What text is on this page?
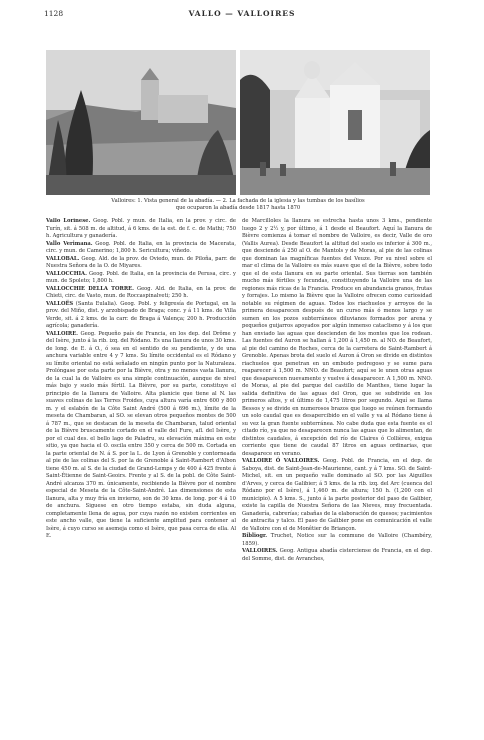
1128	VALLO — VALLOIRES
Valloires: 1. Vista general de la abadía. — 2. La fachada de la iglesia y las tumbas de los basílios
que ocuparon la abadía desde 1817 hasta 1870

Vallo Lorinese. Geog. Pobl. y mun. de Italia, en la prov. y circ. de Turín, sit. á 508 m. de altitud, á 6 kms. de la est. de f. c. de Mathi; 750 h. Agricultura y ganadería.

Vallo Verimana. Geog. Pobl. de Italia, en la provincia de Macerata, circ. y mun. de Camerino; 1,800 h. Sericultura; viñedo.

VALLOBAL. Geog. Ald. de la prov. de Oviedo, mun. de Piloña, parr. de Nuestra Señora de la O. de Miyares.

VALLOCCHIA. Geog. Pobl. de Italia, en la provincia de Perusa, circ. y mun. de Spoleto; 1,800 h.

VALLOCCHIE DELLA TORRE. Geog. Ald. de Italia, en la prov. de Chieti, circ. de Vasto, mun. de Roccaspinalveti; 250 h.

VALLOËS (Santa Eulalia). Geog. Pobl. y feligresía de Portugal, en la prov. del Miño, dist. y arzobispado de Braga; conc. y á 11 kms. de Villa Verde, sit. á 2 kms. de la carr. de Braga á Valença; 200 h. Producción agrícola; ganadería.

VALLOIRE. Geog. Pequeño país de Francia, en los dep. del Drôme y del Isère, junto á la rib. izq. del Ródano. Es una llanura de unos 30 kms. de long. de E. á O., ó sea en el sentido de su pendiente, y de una anchura variable entre 4 y 7 kms. Su límite occidental es el Ródano y su límite oriental no está señalado en ningún punto por la Naturaleza. Prolóngase por esta parte por la Bièvre, otra y no menos vasta llanura, de la cual la de Valloire es una simple continuación, aunque de nivel más bajo y suelo más fértil. La Bièvre, por su parte, constituye el principio de la llanura de Valloire. Alta planicie que tiene al N. las suaves colinas de las Terres Froides, cuya altura varía entre 600 y 800 m. y el eslabón de la Côte Saint André (500 á 696 m.), límite de la meseta de Chambaran, al SO. se elevan otros pequeños montes de 500 á 787 m., que se destacan de la meseta de Chambaran, talud oriental de la Bièvre bruscamente cortado en el valle del Fure, afl. del Isère, y por el cual des. el bello lago de Paladru, su elevación máxima en este sitio, ya que hacia el O. oscila entre 350 y cerca de 500 m. Cortada en la parte oriental de N. á S. por la L. de Lyon á Grenoble y contorneada al pie de las colinas del S. por la de Grenoble á Saint-Rambert d'Albon tiene 450 m. al S. de la ciudad de Grand-Lemps y de 400 á 425 frente á Saint-Étienne de Saint-Geoirs. Frente y al S. de la pobl. de Côte Saint-André alcanza 370 m. únicamente, recibiendo la Bièvre por el nombre especial de Meseta de la Côte-Saint-André. Las dimensiones de esta llanura, alta y muy fría en invierno, son de 30 kms. de long. por 4 á 10 de anchura. Siguese en otro tiempo estaba, sin duda alguna, completamente llena de agua, por cuya razón no existen corrientes en este ancho valle, que tiene la suficiente amplitud para contener al Isère, á cuyo curso se asemeja como el Isère, que pasa cerca de ella. Al E.

de Marcilloles la llanura se estrecha hasta unos 3 kms., pendiente luego 2 y 2½ y, por último, á 1 desde el Beaufort. Aquí la llanura de Bièvre comienza á tomar el nombre de Valloire, es decir, Valle de oro (Vallis Aurea). Desde Beaufort la altitud del suelo es inferior á 300 m., que desciende á 250 al O. de Mantols y de Moras, al pie de las colinas que dominan las magníficas fuentes del Veuze. Por su nivel sobre el mar el clima de la Valloire es más suave que el de la Bièvre, sobre todo que el de esta llanura en su parte oriental. Sus tierras son también mucho más fértiles y fecundas, constituyendo la Valloire una de las regiones más ricas de la Francia. Produce en abundancia granos, frutas y forrajes. Lo mismo la Bièvre que la Valloire ofrecen como curiosidad notable su régimen de aguas. Todos los riachuelos y arroyos de la primera desaparecen después de un curso más ó menos largo y se sumen en los pozos subterráneos diluvianos formados por arena y pequeños guijarros apoyados por algún inmenso cataclismo y á los que han enviado las aguas que descienden de los montes que los rodean. Las fuentes del Auron se hallan á 1,200 á 1,450 m. al NO. de Beaufort, al pie del camino de Roches, cerca de la carretera de Saint-Rambert á Grenoble. Apenas brota del suelo el Auron á Oron se divide en distintos riachuelos que penetran en un embudo pedregoso y se sume para reaparecer á 1,500 m. NNO. de Beaufort; aquí se le unen otras aguas que desaparecen nuevamente y vuelve á desaparecer. A 1,500 m. NNO. de Moras, al pie del parque del castillo de Manthes, tiene lugar la salida definitiva de las aguas del Oron, que se subdivide en los primeros altos, y el último de 1,475 litros por segundo. Aquí se llama Bessos y se divide en numerosos brazos que luego se reúnen formando un solo caudal que es desapercibido en el valle y va al Ródano tiene á su vez la gran fuente subterránea. No cabe duda que esta fuente es el citado río, ya que no desaparecen nunca las aguas que lo alimentan, de distintos caudales, á excepción del río de Claires ó Collières, exigua corriente que tiene de caudal 87 litros en aguas ordinarias, que desaparece en verano.

VALLOIRE Ó VALLOIRES. Geog. Pobl. de Francia, en el dep. de Saboya, dist. de Saint-Jean-de-Maurienne, cant. y á 7 kms. SO. de Saint-Michel, sit. en un pequeño valle dominado al SO. por las Aiguilles d'Arves, y cerca de Galibier; á 5 kms. de la rib. izq. del Arc (cuenca del Ródano por el Isère), á 1,460 m. de altura; 150 h. (1,200 con el municipio). A 5 kms. S., junto á la parte posterior del paso de Galibier, existe la capilla de Nuestra Señora de las Nieves, muy frecuentada. Ganadería, cabrerías; cabañas de la elaboración de quesos; yacimientos de antracita y talco. El paso de Galibier pone en comunicación el valle de Valloire con el de Monêtier de Briançon.

Bibliogr. Truchet, Notice sur la commune de Valloire (Chambéry, 1859).

VALLOIRES. Geog. Antigua abadía cisterciense de Francia, en el dep. del Somme, dist. de Avranches,
